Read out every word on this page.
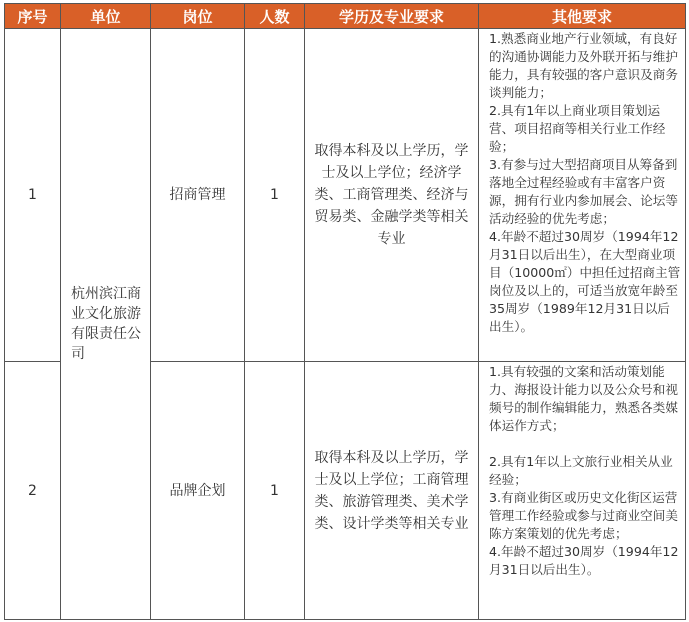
序号	单位	岗位	人数	学历及专业要求	其他要求
1	杭州滨江商业文化旅游有限责任公司	招商管理	1	取得本科及以上学历，学士及以上学位；经济学类、工商管理类、经济与贸易类、金融学类等相关专业	1.熟悉商业地产行业领域，有良好的沟通协调能力及外联开拓与维护能力，具有较强的客户意识及商务谈判能力；
2.具有1年以上商业项目策划运营、项目招商等相关行业工作经验；
3.有参与过大型招商项目从筹备到落地全过程经验或有丰富客户资源，拥有行业内参加展会、论坛等活动经验的优先考虑；
4.年龄不超过30周岁（1994年12月31日以后出生），在大型商业项目（10000㎡）中担任过招商主管岗位及以上的，可适当放宽年龄至35周岁（1989年12月31日以后出生）。

2		品牌企划	1	取得本科及以上学历，学士及以上学位；工商管理类、旅游管理类、美术学类、设计学类等相关专业	1.具有较强的文案和活动策划能力、海报设计能力以及公众号和视频号的制作编辑能力，熟悉各类媒体运作方式；
2.具有1年以上文旅行业相关从业经验；
3.有商业街区或历史文化街区运营管理工作经验或参与过商业空间美陈方案策划的优先考虑；
4.年龄不超过30周岁（1994年12月31日以后出生）。
